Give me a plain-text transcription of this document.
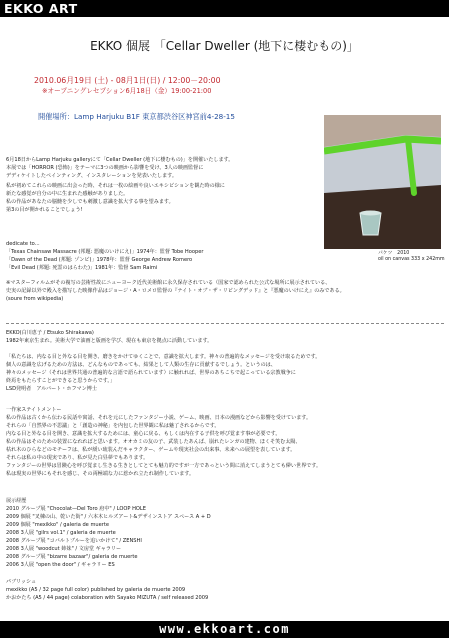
EKKO ART
EKKO 個展 「Cellar Dweller (地下に棲むもの)」
2010.06月19日 (土) - 08月1日(日) / 12:00－20:00
※オープニングレセプション6月18日（金）19:00-21:00
開催場所：Lamp Harjuku B1F 東京都渋谷区神宮前4-28-15

6月18日からLamp Harjuku galleryにて「Cellar Dweller (地下に棲むもの)」を開催いたします。
本展では「HORROR (恐怖)」をテーマに3つの映画から影響を受け、3人の映画監督に
デディケイトしたペインティング、インスタレーションを発表いたします。

私が初めてこれらの映画に出会った時、それは一枚の絵画や良いエキシビションを観た時の様に
新たな感覚が自分の中に生まれた感触がありました。
私の作品があなたの脳髄を少しでも刺激し意識を拡大する事を望みます。
第3の目が開かれることでしょう!

パケツ　2010
oil on canvas 333 x 242mm
dedicate to...
「Texas Chainsaw Massacre (邦題: 悪魔のいけにえ)」1974年：監督 Tobe Hooper
「Dawn of the Dead (邦題: ゾンビ)」1978年：監督 George Andrew Romero
「Evil Dead (邦題: 死霊のはらわた)」1981年：監督 Sam Raimi
※マスターフィルムがその複写の芸術性故にニューヨーク近代美術館に永久保存されている（国家で認められた公式な場所に展示されている、
史実の記録以外で殿入を描写した映像作品はジョージ・A・ロメロ監督の『ナイト・オブ・ザ・リビングデッド』と『悪魔のいけにえ』のみである。
(soure from wikipedia)
EKKO(白川恵子 / Etsuko Shirakawa)
1982年東京生まれ。美術大学で油画と版画を学び、現在も東京を拠点に活動しています。
「私たちは、内なる目と外なる目を開き、磨きをかけてゆくことで、意識を拡大します。神々の普遍的なメッセージを受け取るためです。
個人の意識を広げるための方法は、どんなものであっても、結果として人類の生存に貢献するでしょう。というのは、
神々のメッセージ（それは世界共通の普遍的な言語で語られています）に触れれば、世界のあちこちで起こっている宗教戦争に
終焉をもたらすことができると思うからです。」
LSD発明者　アルバート・ホフマン博士
一作家ステイトメントー
私の作品は古くから伝わる民話や寓話、それを元にしたファンタジー小説、ゲーム、映画、日本の漫画などから影響を受けています。
それらの「自然界の不思議」と「創造の神秘」を内包した世界観に私は魅了されるからです。
内なる目と外なる目を開き、意識を拡大するためには、童心に戻る、もしくは内在する子供を呼び覚ます事が必要です。
私の作品はそのための装置になれればと思います。オオカミの友の子、武装したあんぱ、崩れたレンガの建物、ほくそ笑む太陽、
枯れ木のひらなどのモチーフは、私が緩い琉装んだキャラクター、ゲームや現実社会の出来事、未来への展望を表しています。
それらは私の中の現実であり、私が見た白昼夢でもあります。
ファンタジーの世界は冒険心を呼び覚まし生きる生きとしてとても魅力的ですが一方であっという間に消えてしまうとても儚い世界です。
私は現実の世界にもそれを感じ、その両極端な力に惹かれ立たれ制作しています。
展示経歴
2010 グループ展 "Chocolat—Del Toro 府中" / LOOP HOLE
2009 個展 "叉棟の山、乾いた街" / 六本木ヒルズアート&デザインストア スペース A + D
2009 個展 "mexikko" / galeria de muerte
2008 3人展 "gilrs vol.1" / galeria de muerte
2008 グループ展 "コバルトブルーを追いかけて" / ZENSHI
2008 3人展 "woodcut 姉妹" / 文房堂 ギャラリー
2008 グループ展 "bizarre bazaar"/ galeria de muerte
2006 3人展 "open the door" / ギャラリー ES
パブリッシュ
mexikko (A5 / 32 page full color) published by galeria de muerte 2009
かおかたち (A5 / 44 page) colaboration with Sayako MIZUTA / self released 2009
www.ekkoart.com
